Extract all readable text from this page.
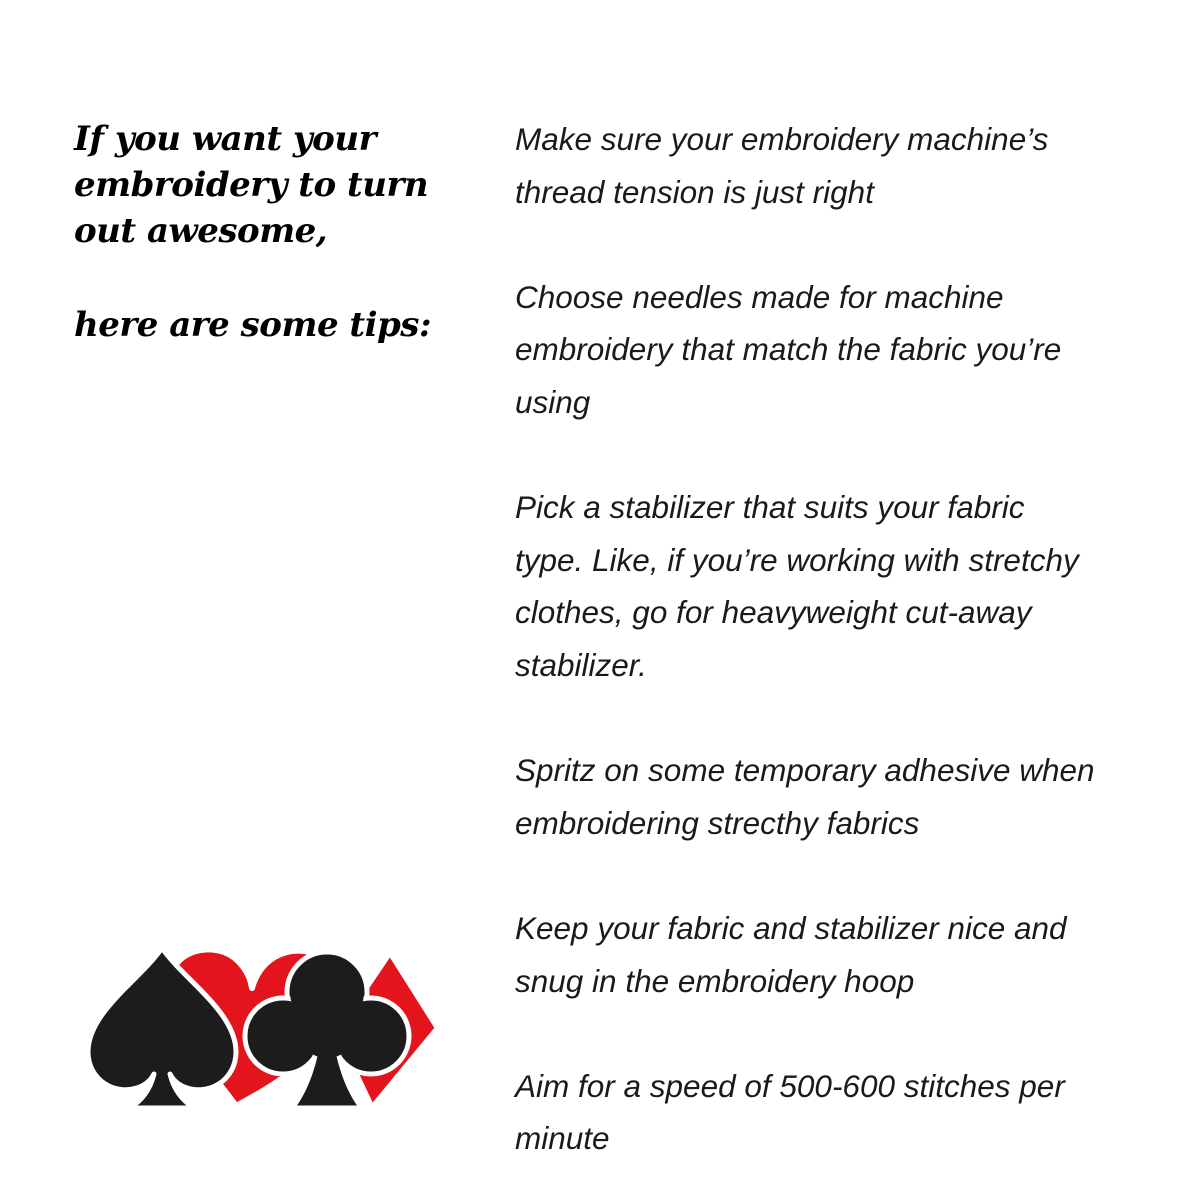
If you want your embroidery to turn out awesome,
here are some tips:
Make sure your embroidery machine’s thread tension is just right
Choose needles made for machine embroidery that match the fabric you’re using
Pick a stabilizer that suits your fabric type. Like, if you’re working with stretchy clothes, go for heavyweight cut-away stabilizer.
Spritz on some temporary adhesive when embroidering strecthy fabrics
Keep your fabric and stabilizer nice and snug in the embroidery hoop
Aim for a speed of 500-600 stitches per minute
